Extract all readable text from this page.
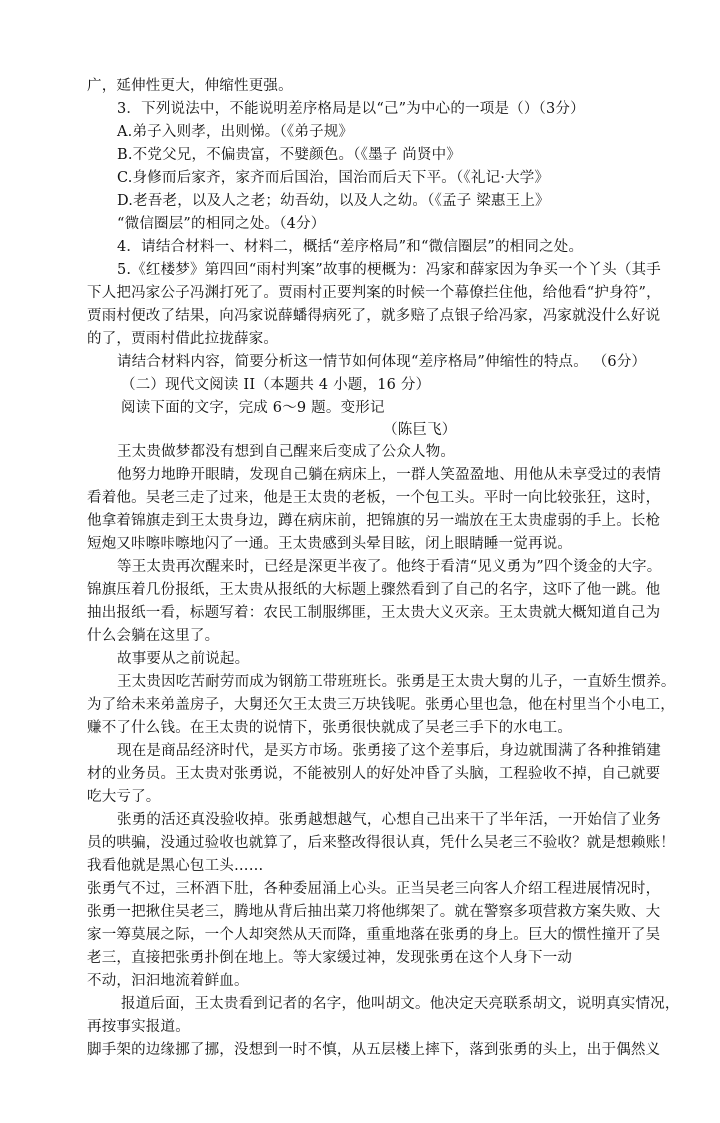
广，延伸性更大，伸缩性更强。
3．下列说法中，不能说明差序格局是以“己”为中心的一项是（）（3分）
A.弟子入则孝，出则悌。（《弟子规》
B.不党父兄，不偏贵富，不嬖颜色。（《墨子 尚贤中》
C.身修而后家齐，家齐而后国治，国治而后天下平。（《礼记·大学》
D.老吾老，以及人之老；幼吾幼，以及人之幼。（《孟子 梁惠王上》
“微信圈层”的相同之处。（4分）
4．请结合材料一、材料二，概括“差序格局”和“微信圈层”的相同之处。
5.《红楼梦》第四回“雨村判案”故事的梗概为：冯家和薛家因为争买一个丫头（其手
下人把冯家公子冯渊打死了。贾雨村正要判案的时候一个幕僚拦住他，给他看“护身符”，
贾雨村便改了结果，向冯家说薛蟠得病死了，就多赔了点银子给冯家，冯家就没什么好说
的了，贾雨村借此拉拢薛家。
请结合材料内容，简要分析这一情节如何体现“差序格局”伸缩性的特点。 （6分）
（二）现代文阅读 II（本题共 4 小题，16 分）
阅读下面的文字，完成 6～9 题。变形记
（陈巨飞）
王太贵做梦都没有想到自己醒来后变成了公众人物。
他努力地睁开眼睛，发现自己躺在病床上，一群人笑盈盈地、用他从未享受过的表情
看着他。吴老三走了过来，他是王太贵的老板，一个包工头。平时一向比较张狂，这时，
他拿着锦旗走到王太贵身边，蹲在病床前，把锦旗的另一端放在王太贵虚弱的手上。长枪
短炮又咔嚓咔嚓地闪了一通。王太贵感到头晕目眩，闭上眼睛睡一觉再说。
等王太贵再次醒来时，已经是深更半夜了。他终于看清“见义勇为”四个烫金的大字。
锦旗压着几份报纸，王太贵从报纸的大标题上骤然看到了自己的名字，这吓了他一跳。他
抽出报纸一看，标题写着：农民工制服绑匪，王太贵大义灭亲。王太贵就大概知道自己为
什么会躺在这里了。
故事要从之前说起。
王太贵因吃苦耐劳而成为钢筋工带班班长。张勇是王太贵大舅的儿子，一直娇生惯养。
为了给未来弟盖房子，大舅还欠王太贵三万块钱呢。张勇心里也急，他在村里当个小电工，
赚不了什么钱。在王太贵的说情下，张勇很快就成了吴老三手下的水电工。
现在是商品经济时代，是买方市场。张勇接了这个差事后，身边就围满了各种推销建
材的业务员。王太贵对张勇说，不能被别人的好处冲昏了头脑，工程验收不掉，自己就要
吃大亏了。
张勇的活还真没验收掉。张勇越想越气，心想自己出来干了半年活，一开始信了业务
员的哄骗，没通过验收也就算了，后来整改得很认真，凭什么吴老三不验收？就是想赖账！
我看他就是黑心包工头……
张勇气不过，三杯酒下肚，各种委屈涌上心头。正当吴老三向客人介绍工程进展情况时，
张勇一把揪住吴老三，腾地从背后抽出菜刀将他绑架了。就在警察多项营救方案失败、大
家一筹莫展之际，一个人却突然从天而降，重重地落在张勇的身上。巨大的惯性撞开了吴
老三，直接把张勇扑倒在地上。等大家缓过神，发现张勇在这个人身下一动
不动，汩汩地流着鲜血。
报道后面，王太贵看到记者的名字，他叫胡文。他决定天亮联系胡文，说明真实情况，
再按事实报道。
脚手架的边缘挪了挪，没想到一时不慎，从五层楼上摔下，落到张勇的头上，出于偶然义
